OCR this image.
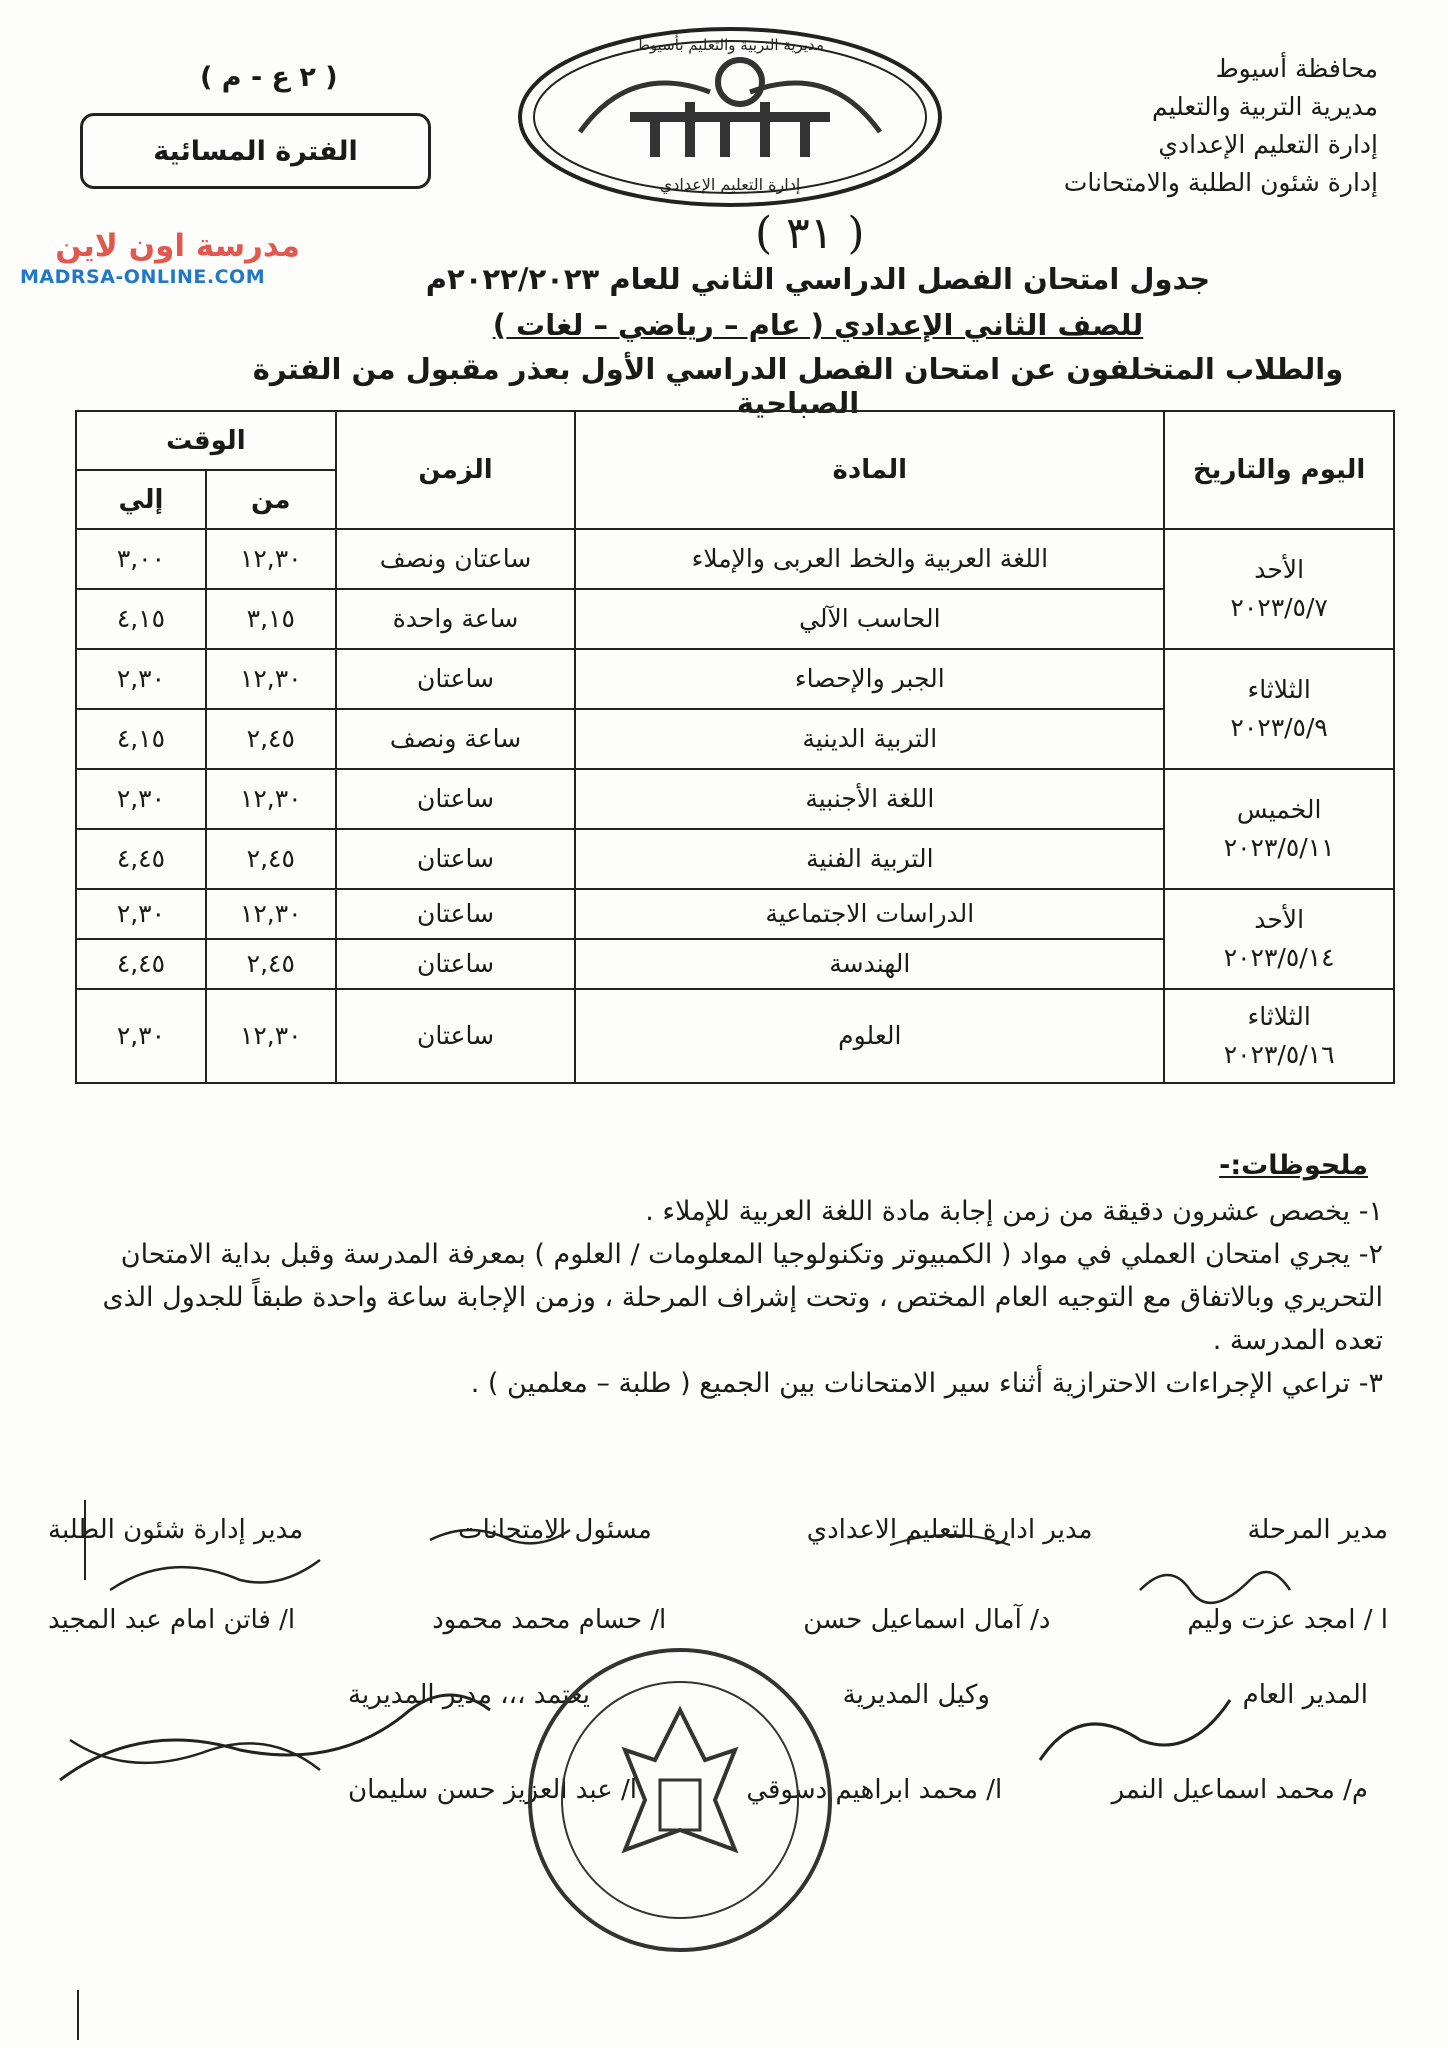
محافظة أسيوط
مديرية التربية والتعليم
إدارة التعليم الإعدادي
إدارة شئون الطلبة والامتحانات
( ٢ ع - م )
الفترة المسائية
مديرية التربية والتعليم بأسيوط
إدارة التعليم الإعدادي
( ٣١ )
مدرسة اون لاين
MADRSA-ONLINE.COM	جدول امتحان الفصل الدراسي الثاني للعام ٢٠٢٢/٢٠٢٣م
للصف الثاني الإعدادي ( عام – رياضي – لغات )
والطلاب المتخلفون عن امتحان الفصل الدراسي الأول بعذر مقبول من الفترة الصباحية
اليوم والتاريخ	المادة	الزمن	الوقت	
			من	إلي

الأحد
٢٠٢٣/٥/٧	اللغة العربية والخط العربى والإملاء	ساعتان ونصف	١٢,٣٠	٣,٠٠
	الحاسب الآلي	ساعة واحدة	٣,١٥	٤,١٥

الثلاثاء
٢٠٢٣/٥/٩	الجبر والإحصاء	ساعتان	١٢,٣٠	٢,٣٠
	التربية الدينية	ساعة ونصف	٢,٤٥	٤,١٥

الخميس
٢٠٢٣/٥/١١	اللغة الأجنبية	ساعتان	١٢,٣٠	٢,٣٠
	التربية الفنية	ساعتان	٢,٤٥	٤,٤٥

الأحد
٢٠٢٣/٥/١٤	الدراسات الاجتماعية	ساعتان	١٢,٣٠	٢,٣٠
	الهندسة	ساعتان	٢,٤٥	٤,٤٥

الثلاثاء
٢٠٢٣/٥/١٦	العلوم	ساعتان	١٢,٣٠	٢,٣٠
ملحوظات:-
١- يخصص عشرون دقيقة من زمن إجابة مادة اللغة العربية للإملاء .
٢- يجري امتحان العملي في مواد ( الكمبيوتر وتكنولوجيا المعلومات / العلوم ) بمعرفة المدرسة وقبل بداية الامتحان التحريري وبالاتفاق مع التوجيه العام المختص ، وتحت إشراف المرحلة ، وزمن الإجابة ساعة واحدة طبقاً للجدول الذى تعده المدرسة .
٣- تراعي الإجراءات الاحترازية أثناء سير الامتحانات بين الجميع ( طلبة – معلمين ) .
مدير المرحلة
مدير ادارة التعليم الاعدادي
مسئول الامتحانات
مدير إدارة شئون الطلبة
ا / امجد عزت وليم
د/ آمال اسماعيل حسن
ا/ حسام محمد محمود
ا/ فاتن امام عبد المجيد
المدير العام
وكيل المديرية
يعتمد ،،، مدير المديرية
م/ محمد اسماعيل النمر
ا/ محمد ابراهيم دسوقي
ا/ عبد العزيز حسن سليمان
